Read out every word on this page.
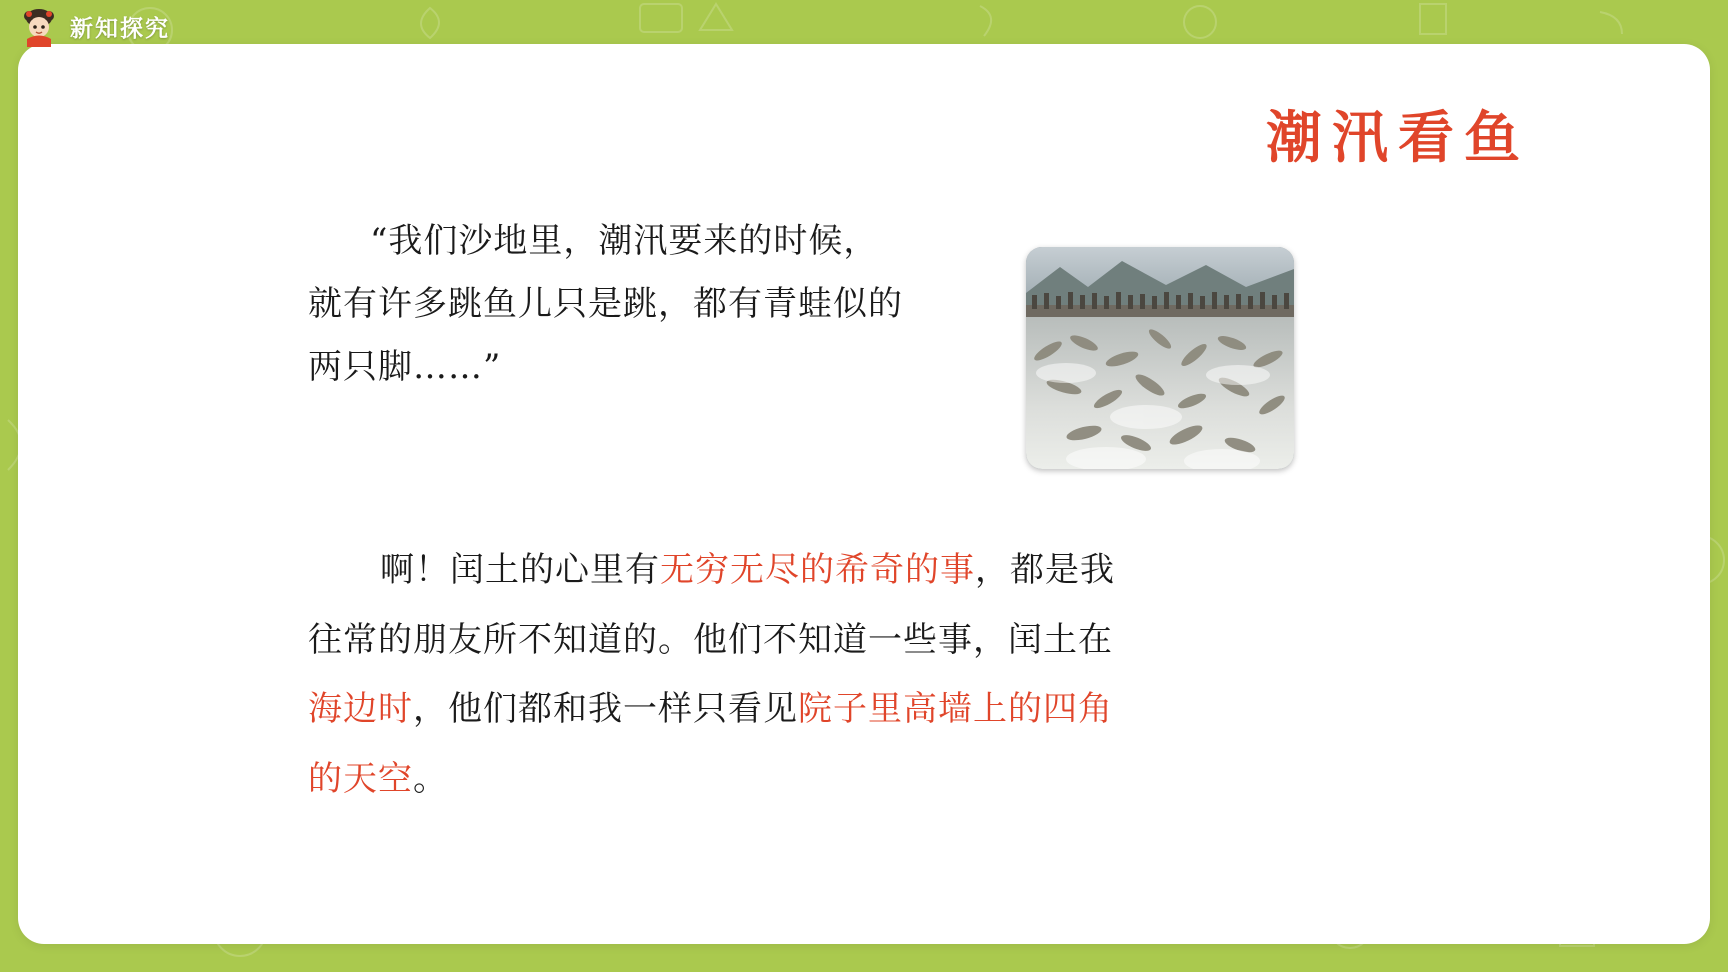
新知探究
潮汛看鱼
“我们沙地里，潮汛要来的时候，
就有许多跳鱼儿只是跳，都有青蛙似的
两只脚……”
啊！闰土的心里有无穷无尽的希奇的事，都是我
往常的朋友所不知道的。他们不知道一些事，闰土在
海边时，他们都和我一样只看见院子里高墙上的四角
的天空。
